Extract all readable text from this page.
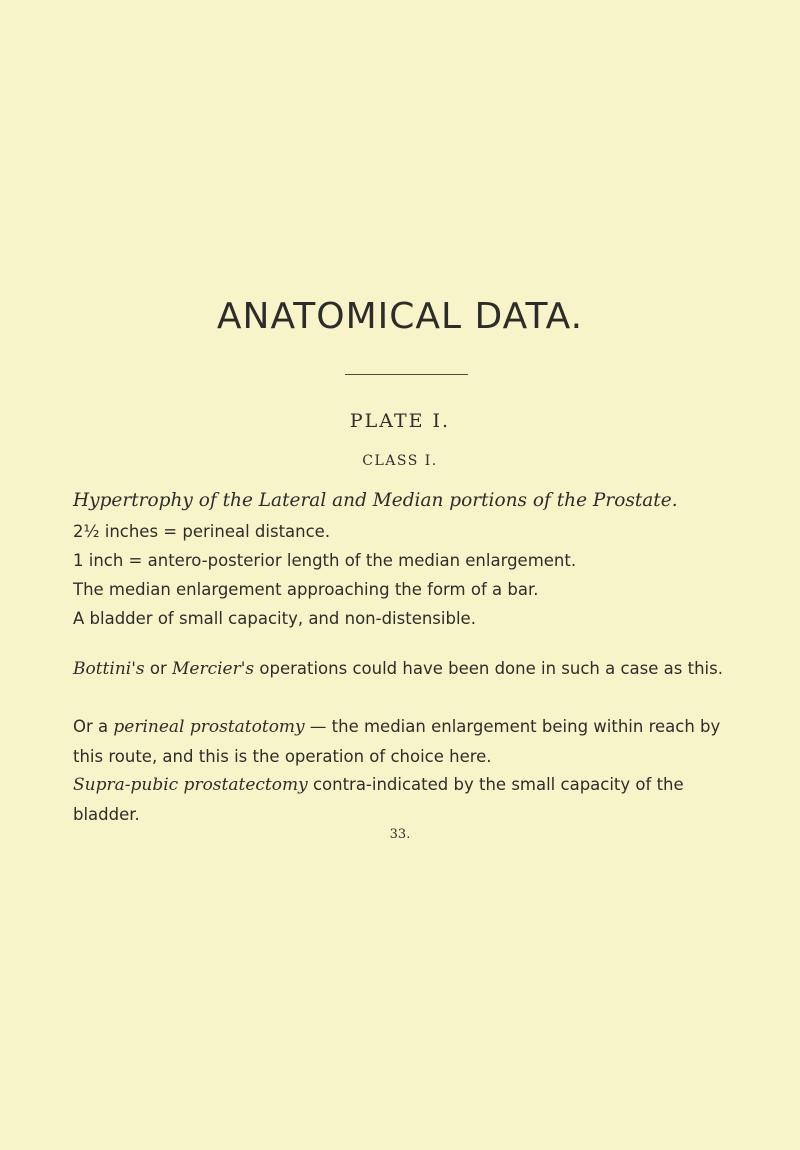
ANATOMICAL DATA.
PLATE I.
CLASS I.
Hypertrophy of the Lateral and Median portions of the Prostate.
2½ inches = perineal distance.
1 inch = antero-posterior length of the median enlargement.
The median enlargement approaching the form of a bar.
A bladder of small capacity, and non-distensible.
Bottini's or Mercier's operations could have been done in such a case as this.
Or a perineal prostatotomy — the median enlargement being within reach by this route, and this is the operation of choice here.
Supra-pubic prostatectomy contra-indicated by the small capacity of the bladder.
33.
